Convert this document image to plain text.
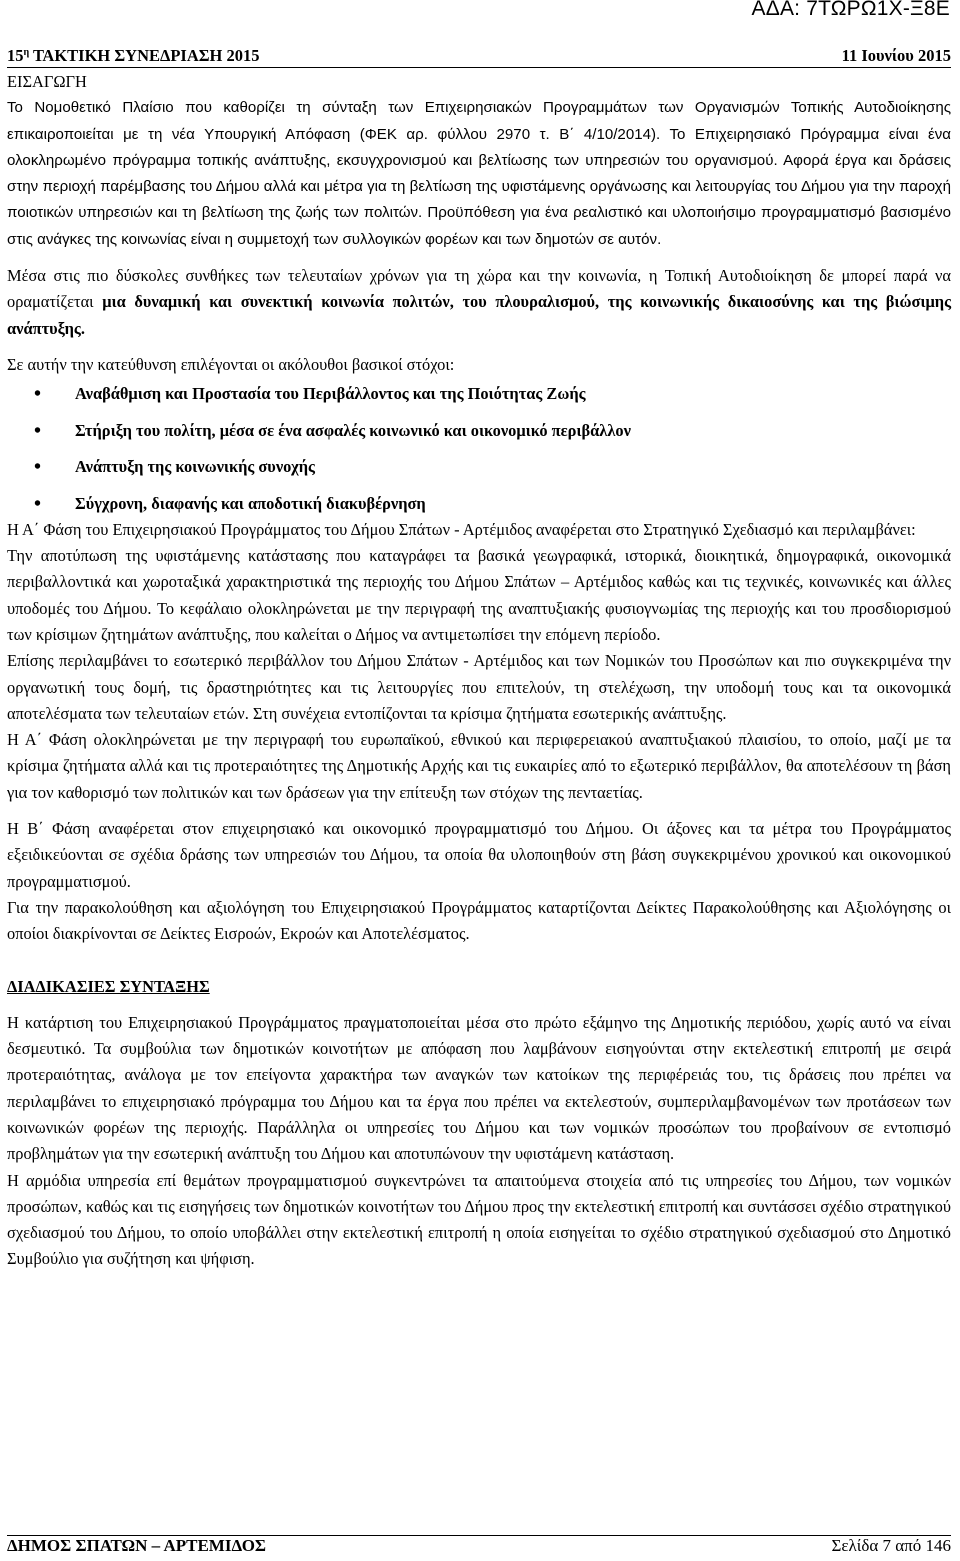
ΑΔΑ: 7ΤΩΡΩ1Χ-Ξ8Ε
$15^\eta$ ΤΑΚΤΙΚΗ ΣΥΝΕΔΡΙΑΣΗ 2015	11 Ιουνίου 2015
ΕΙΣΑΓΩΓΗ

Το Νομοθετικό Πλαίσιο που καθορίζει τη σύνταξη των Επιχειρησιακών Προγραμμάτων των Οργανισμών Τοπικής Αυτοδιοίκησης επικαιροποιείται με τη νέα Υπουργική Απόφαση (ΦΕΚ αρ. φύλλου 2970 τ. Β΄ 4/10/2014). Το Επιχειρησιακό Πρόγραμμα είναι ένα ολοκληρωμένο πρόγραμμα τοπικής ανάπτυξης, εκσυγχρονισμού και βελτίωσης των υπηρεσιών του οργανισμού. Αφορά έργα και δράσεις στην περιοχή παρέμβασης του Δήμου αλλά και μέτρα για τη βελτίωση της υφιστάμενης οργάνωσης και λειτουργίας του Δήμου για την παροχή ποιοτικών υπηρεσιών και τη βελτίωση της ζωής των πολιτών. Προϋπόθεση για ένα ρεαλιστικό και υλοποιήσιμο προγραμματισμό βασισμένο στις ανάγκες της κοινωνίας είναι η συμμετοχή των συλλογικών φορέων και των δημοτών σε αυτόν.

Μέσα στις πιο δύσκολες συνθήκες των τελευταίων χρόνων για τη χώρα και την κοινωνία, η Τοπική Αυτοδιοίκηση δε μπορεί παρά να οραματίζεται μια δυναμική και συνεκτική κοινωνία πολιτών, του πλουραλισμού, της κοινωνικής δικαιοσύνης και της βιώσιμης ανάπτυξης.

Σε αυτήν την κατεύθυνση επιλέγονται οι ακόλουθοι βασικοί στόχοι:

• Αναβάθμιση και Προστασία του Περιβάλλοντος και της Ποιότητας Ζωής
• Στήριξη του πολίτη, μέσα σε ένα ασφαλές κοινωνικό και οικονομικό περιβάλλον
• Ανάπτυξη της κοινωνικής συνοχής
• Σύγχρονη, διαφανής και αποδοτική διακυβέρνηση

Η Α΄ Φάση του Επιχειρησιακού Προγράμματος του Δήμου Σπάτων - Αρτέμιδος αναφέρεται στο Στρατηγικό Σχεδιασμό και περιλαμβάνει:

Την αποτύπωση της υφιστάμενης κατάστασης που καταγράφει τα βασικά γεωγραφικά, ιστορικά, διοικητικά, δημογραφικά, οικονομικά περιβαλλοντικά και χωροταξικά χαρακτηριστικά της περιοχής του Δήμου Σπάτων – Αρτέμιδος καθώς και τις τεχνικές, κοινωνικές και άλλες υποδομές του Δήμου. Το κεφάλαιο ολοκληρώνεται με την περιγραφή της αναπτυξιακής φυσιογνωμίας της περιοχής και του προσδιορισμού των κρίσιμων ζητημάτων ανάπτυξης, που καλείται ο Δήμος να αντιμετωπίσει την επόμενη περίοδο.

Επίσης περιλαμβάνει το εσωτερικό περιβάλλον του Δήμου Σπάτων - Αρτέμιδος και των Νομικών του Προσώπων και πιο συγκεκριμένα την οργανωτική τους δομή, τις δραστηριότητες και τις λειτουργίες που επιτελούν, τη στελέχωση, την υποδομή τους και τα οικονομικά αποτελέσματα των τελευταίων ετών. Στη συνέχεια εντοπίζονται τα κρίσιμα ζητήματα εσωτερικής ανάπτυξης.

Η Α΄ Φάση ολοκληρώνεται με την περιγραφή του ευρωπαϊκού, εθνικού και περιφερειακού αναπτυξιακού πλαισίου, το οποίο, μαζί με τα κρίσιμα ζητήματα αλλά και τις προτεραιότητες της Δημοτικής Αρχής και τις ευκαιρίες από το εξωτερικό περιβάλλον, θα αποτελέσουν τη βάση για τον καθορισμό των πολιτικών και των δράσεων για την επίτευξη των στόχων της πενταετίας.

Η Β΄ Φάση αναφέρεται στον επιχειρησιακό και οικονομικό προγραμματισμό του Δήμου. Οι άξονες και τα μέτρα του Προγράμματος εξειδικεύονται σε σχέδια δράσης των υπηρεσιών του Δήμου, τα οποία θα υλοποιηθούν στη βάση συγκεκριμένου χρονικού και οικονομικού προγραμματισμού.

Για την παρακολούθηση και αξιολόγηση του Επιχειρησιακού Προγράμματος καταρτίζονται Δείκτες Παρακολούθησης και Αξιολόγησης οι οποίοι διακρίνονται σε Δείκτες Εισροών, Εκροών και Αποτελέσματος.

ΔΙΑΔΙΚΑΣΙΕΣ ΣΥΝΤΑΞΗΣ

Η κατάρτιση του Επιχειρησιακού Προγράμματος πραγματοποιείται μέσα στο πρώτο εξάμηνο της Δημοτικής περιόδου, χωρίς αυτό να είναι δεσμευτικό. Τα συμβούλια των δημοτικών κοινοτήτων με απόφαση που λαμβάνουν εισηγούνται στην εκτελεστική επιτροπή με σειρά προτεραιότητας, ανάλογα με τον επείγοντα χαρακτήρα των αναγκών των κατοίκων της περιφέρειάς του, τις δράσεις που πρέπει να περιλαμβάνει το επιχειρησιακό πρόγραμμα του Δήμου και τα έργα που πρέπει να εκτελεστούν, συμπεριλαμβανομένων των προτάσεων των κοινωνικών φορέων της περιοχής. Παράλληλα οι υπηρεσίες του Δήμου και των νομικών προσώπων του προβαίνουν σε εντοπισμό προβλημάτων για την εσωτερική ανάπτυξη του Δήμου και αποτυπώνουν την υφιστάμενη κατάσταση.

Η αρμόδια υπηρεσία επί θεμάτων προγραμματισμού συγκεντρώνει τα απαιτούμενα στοιχεία από τις υπηρεσίες του Δήμου, των νομικών προσώπων, καθώς και τις εισηγήσεις των δημοτικών κοινοτήτων του Δήμου προς την εκτελεστική επιτροπή και συντάσσει σχέδιο στρατηγικού σχεδιασμού του Δήμου, το οποίο υποβάλλει στην εκτελεστική επιτροπή η οποία εισηγείται το σχέδιο στρατηγικού σχεδιασμού στο Δημοτικό Συμβούλιο για συζήτηση και ψήφιση.

ΔΗΜΟΣ ΣΠΑΤΩΝ – ΑΡΤΕΜΙΔΟΣ	Σελίδα 7 από 146
